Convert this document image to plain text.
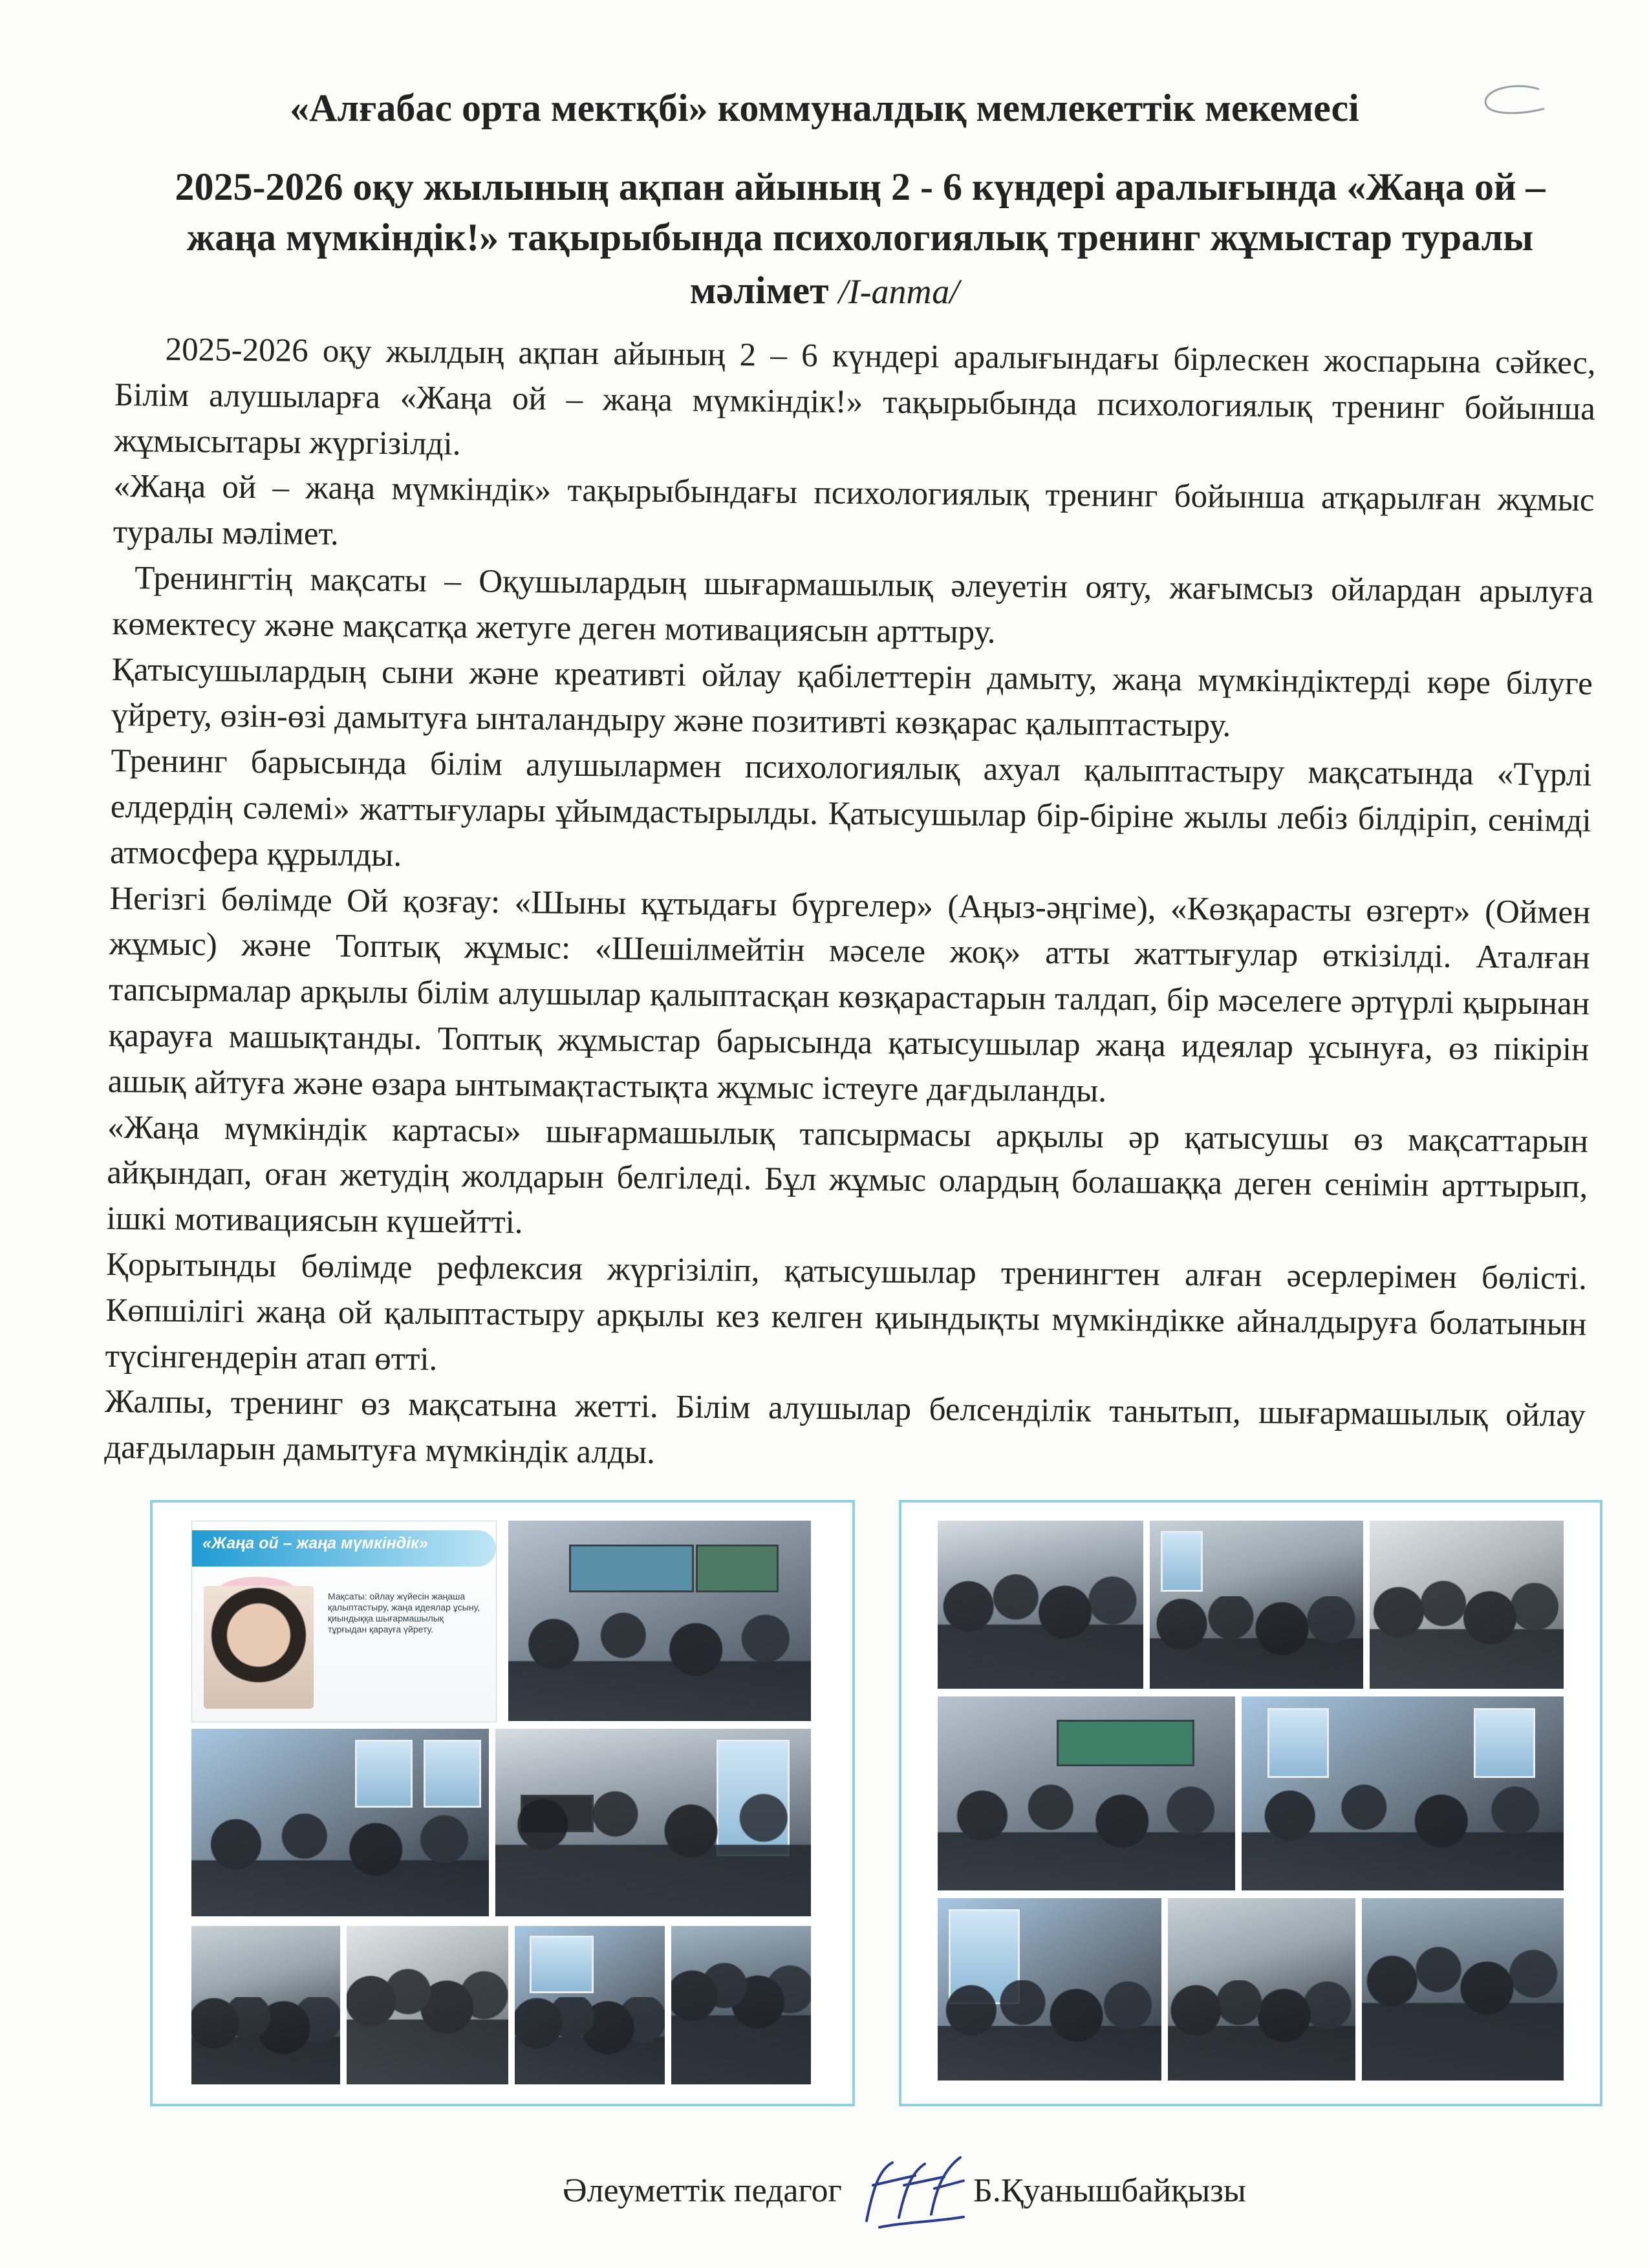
«Алғабас орта мектқбі» коммуналдық мемлекеттік мекемесі
2025-2026 оқу жылының ақпан айының 2 - 6 күндері аралығында «Жаңа ой – жаңа мүмкіндік!» тақырыбында психологиялық тренинг жұмыстар туралы
мәлімет /І-апта/

2025-2026 оқу жылдың ақпан айының 2 – 6 күндері аралығындағы бірлескен жоспарына сәйкес, Білім алушыларға «Жаңа ой – жаңа мүмкіндік!» тақырыбында психологиялық тренинг бойынша жұмысытары жүргізілді.

«Жаңа ой – жаңа мүмкіндік» тақырыбындағы психологиялық тренинг бойынша атқарылған жұмыс туралы мәлімет.

Тренингтің мақсаты – Оқушылардың шығармашылық әлеуетін ояту, жағымсыз ойлардан арылуға көмектесу және мақсатқа жетуге деген мотивациясын арттыру.

Қатысушылардың сыни және креативті ойлау қабілеттерін дамыту, жаңа мүмкіндіктерді көре білуге үйрету, өзін-өзі дамытуға ынталандыру және позитивті көзқарас қалыптастыру.

Тренинг барысында білім алушылармен психологиялық ахуал қалыптастыру мақсатында «Түрлі елдердің сәлемі» жаттығулары ұйымдастырылды. Қатысушылар бір-біріне жылы лебіз білдіріп, сенімді атмосфера құрылды.

Негізгі бөлімде Ой қозғау: «Шыны құтыдағы бүргелер» (Аңыз-әңгіме), «Көзқарасты өзгерт» (Оймен жұмыс) және Топтық жұмыс: «Шешілмейтін мәселе жоқ» атты жаттығулар өткізілді. Аталған тапсырмалар арқылы білім алушылар қалыптасқан көзқарастарын талдап, бір мәселеге әртүрлі қырынан қарауға машықтанды. Топтық жұмыстар барысында қатысушылар жаңа идеялар ұсынуға, өз пікірін ашық айтуға және өзара ынтымақтастықта жұмыс істеуге дағдыланды.

«Жаңа мүмкіндік картасы» шығармашылық тапсырмасы арқылы әр қатысушы өз мақсаттарын айқындап, оған жетудің жолдарын белгіледі. Бұл жұмыс олардың болашаққа деген сенімін арттырып, ішкі мотивациясын күшейтті.

Қорытынды бөлімде рефлексия жүргізіліп, қатысушылар тренингтен алған әсерлерімен бөлісті. Көпшілігі жаңа ой қалыптастыру арқылы кез келген қиындықты мүмкіндікке айналдыруға болатынын түсінгендерін атап өтті.

Жалпы, тренинг өз мақсатына жетті. Білім алушылар белсенділік танытып, шығармашылық ойлау дағдыларын дамытуға мүмкіндік алды.

«Жаңа ой – жаңа мүмкіндік»
Мақсаты: ойлау жүйесін жаңаша қалыптастыру, жаңа идеялар ұсыну, қиындыққа шығармашылық тұрғыдан қарауға үйрету.
Әлеуметтік педагог	Б.Қуанышбайқызы
